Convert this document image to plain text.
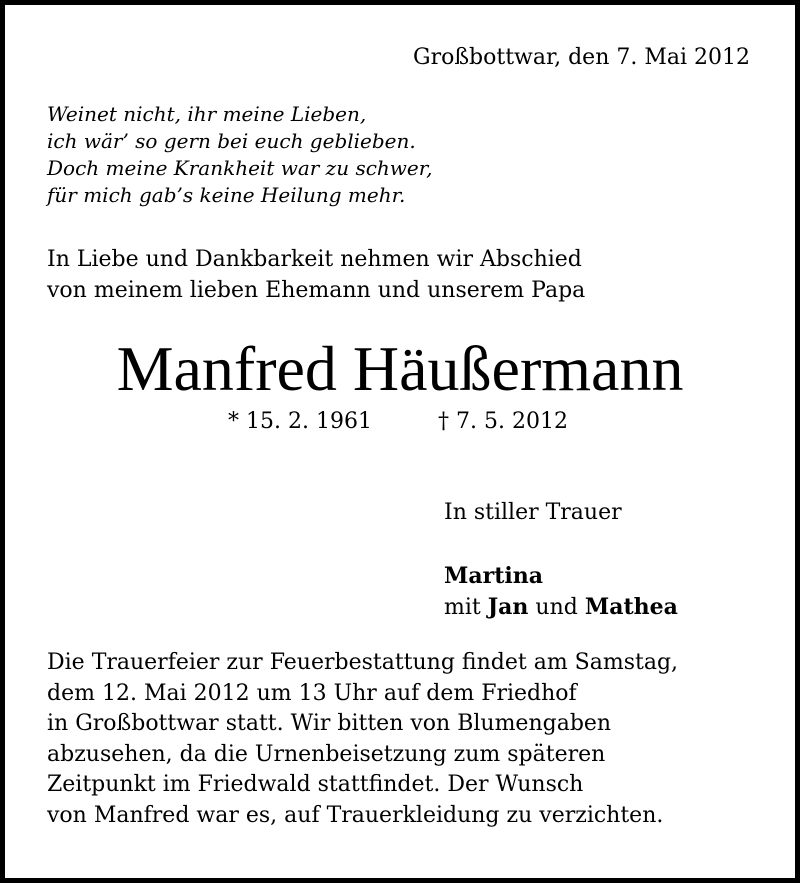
Großbottwar, den 7. Mai 2012
Weinet nicht, ihr meine Lieben,
ich wär’ so gern bei euch geblieben.
Doch meine Krankheit war zu schwer,
für mich gab’s keine Heilung mehr.
In Liebe und Dankbarkeit nehmen wir Abschied
von meinem lieben Ehemann und unserem Papa
Manfred Häußermann
* 15. 2. 1961	† 7. 5. 2012
In stiller Trauer
Martina
mit Jan und Mathea
Die Trauerfeier zur Feuerbestattung findet am Samstag,
dem 12. Mai 2012 um 13 Uhr auf dem Friedhof
in Großbottwar statt. Wir bitten von Blumengaben
abzusehen, da die Urnenbeisetzung zum späteren
Zeitpunkt im Friedwald stattfindet. Der Wunsch
von Manfred war es, auf Trauerkleidung zu verzichten.
